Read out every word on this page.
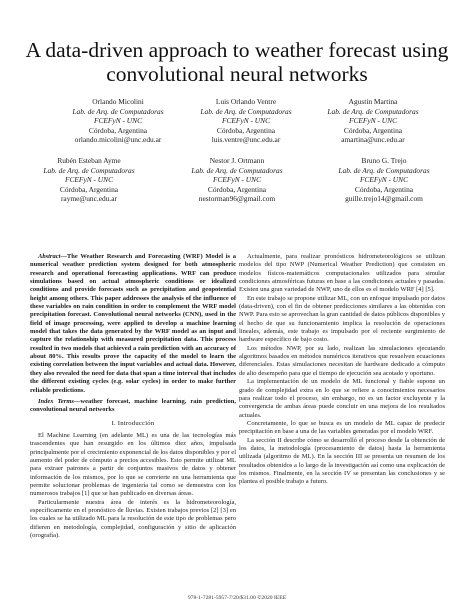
A data-driven approach to weather forecast using convolutional neural networks
Orlando Micolini
Lab. de Arq. de Computadoras
FCEFyN - UNC
Córdoba, Argentina
orlando.micolini@unc.edu.ar
Luis Orlando Ventre
Lab. de Arq. de Computadoras
FCEFyN - UNC
Córdoba, Argentina
luis.ventre@unc.edu.ar
Agustin Martina
Lab. de Arq. de Computadoras
FCEFyN - UNC
Córdoba, Argentina
amartina@unc.edu.ar
Rubén Esteban Ayme
Lab. de Arq. de Computadoras
FCEFyN - UNC
Córdoba, Argentina
rayme@unc.edu.ar
Nestor J. Ortmann
Lab. de Arq. de Computadoras
FCEFyN - UNC
Córdoba, Argentina
nestorman96@gmail.com
Bruno G. Trejo
Lab. de Arq. de Computadoras
FCEFyN - UNC
Córdoba, Argentina
guille.trejo14@gmail.com

Abstract—The Weather Research and Forecasting (WRF) Model is a numerical weather prediction system designed for both atmospheric research and operational forecasting applications. WRF can produce simulations based on actual atmospheric conditions or idealized conditions and provide forecasts such as precipitation and geopotential height among others. This paper addresses the analysis of the influence of these variables on rain condition in order to complement the WRF model precipitation forecast. Convolutional neural networks (CNN), used in the field of image processing, were applied to develop a machine learning model that takes the data generated by the WRF model as an input and capture the relationship with measured precipitation data. This process resulted in two models that achieved a rain prediction with an accuracy of about 80%. This results prove the capacity of the model to learn the existing correlation between the input variables and actual data. However, they also revealed the need for data that span a time interval that includes the different existing cycles (e.g. solar cycles) in order to make further reliable predictions.

Index Terms—weather forecast, machine learning, rain prediction, convolutional neural networks

I. Introducción

El Machine Learning (en adelante ML) es una de las tecnologías más trascendentes que han resurgido en los últimos diez años, impulsada principalmente por el crecimiento exponencial de los datos disponibles y por el aumento del poder de cómputo a precios accesibles. Esto permite utilizar ML para extraer patrones a partir de conjuntos masivos de datos y obtener información de los mismos, por lo que se convierte en una herramienta que permite solucionar problemas de ingeniería tal como se demuestra con los numerosos trabajos [1] que se han publicado en diversas áreas.

Particularmente nuestra área de interés es la hidrometeorología, específicamente en el pronóstico de lluvias. Existen trabajos previos [2] [3] en los cuales se ha utilizado ML para la resolución de este tipo de problemas pero difieren en metodología, complejidad, configuración y sitio de aplicación (orografía).

Actualmente, para realizar pronósticos hidrometeorológicos se utilizan modelos del tipo NWP (Numerical Weather Prediction) que consisten en modelos físicos-matemáticos computacionales utilizados para simular condiciones atmosféricas futuras en base a las condiciones actuales y pasadas. Existen una gran variedad de NWP, uno de ellos es el modelo WRF [4] [5].

En este trabajo se propone utilizar ML, con un enfoque impulsado por datos (data-driven), con el fin de obtener predicciones similares a las obtenidas con NWP. Para esto se aprovechan la gran cantidad de datos públicos disponibles y el hecho de que su funcionamiento implica la resolución de operaciones lineales, además, este trabajo es impulsado por el reciente surgimiento de hardware específico de bajo costo.

Los métodos NWP, por su lado, realizan las simulaciones ejecutando algoritmos basados en métodos numéricos iterativos que resuelven ecuaciones diferenciales. Estas simulaciones necesitan de hardware dedicado a cómputo de alto desempeño para que el tiempo de ejecución sea acotado y oportuno.

La implementación de un modelo de ML funcional y fiable supone un grado de complejidad extra en lo que se refiere a conocimientos necesarios para realizar todo el proceso, sin embargo, no es un factor excluyente y la convergencia de ambas áreas puede concluir en una mejora de los resultados actuales.

Concretamente, lo que se busca es un modelo de ML capaz de predecir precipitación en base a una de las variables generadas por el modelo WRF.

La sección II describe cómo se desarrolló el proceso desde la obtención de los datos, la metodología (procesamiento de datos) hasta la herramienta utilizada (algoritmo de ML). En la sección III se presenta un resumen de los resultados obtenidos a lo largo de la investigación así como una explicación de los mismos. Finalmente, en la sección IV se presentan las conclusiones y se plantea el posible trabajo a futuro.

978-1-7281-5957-7/20/$31.00 ©2020 IEEE
